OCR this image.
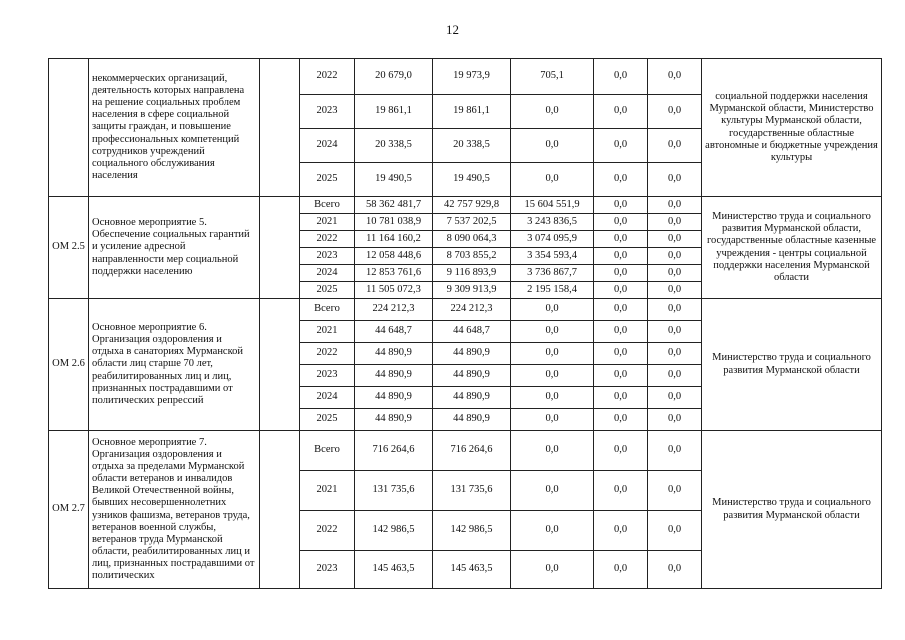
12

	некоммерческих организаций, деятельность которых направлена на решение социальных проблем населения в сфере социальной защиты граждан, и повышение профессиональных компетенций сотрудников учреждений социального обслуживания населения		2022	20 679,0	19 973,9	705,1	0,0	0,0	социальной поддержки населения Мурманской области, Министерство культуры Мурманской области, государственные областные автономные и бюджетные учреждения культуры

			2023	19 861,1	19 861,1	0,0	0,0	0,0	
			2024	20 338,5	20 338,5	0,0	0,0	0,0	
			2025	19 490,5	19 490,5	0,0	0,0	0,0	
ОМ 2.5	Основное мероприятие 5. Обеспечение социальных гарантий и усиление адресной направленности мер социальной поддержки населению		Всего	58 362 481,7	42 757 929,8	15 604 551,9	0,0	0,0	Министерство труда и социального развития Мурманской области, государственные областные казенные учреждения - центры социальной поддержки населения Мурманской области

			2021	10 781 038,9	7 537 202,5	3 243 836,5	0,0	0,0	
			2022	11 164 160,2	8 090 064,3	3 074 095,9	0,0	0,0	
			2023	12 058 448,6	8 703 855,2	3 354 593,4	0,0	0,0	
			2024	12 853 761,6	9 116 893,9	3 736 867,7	0,0	0,0	
			2025	11 505 072,3	9 309 913,9	2 195 158,4	0,0	0,0	
ОМ 2.6	Основное мероприятие 6. Организация оздоровления и отдыха в санаториях Мурманской области лиц старше 70 лет, реабилитированных лиц и лиц, признанных пострадавшими от политических репрессий		Всего	224 212,3	224 212,3	0,0	0,0	0,0	Министерство труда и социального развития Мурманской области

			2021	44 648,7	44 648,7	0,0	0,0	0,0	
			2022	44 890,9	44 890,9	0,0	0,0	0,0	
			2023	44 890,9	44 890,9	0,0	0,0	0,0	
			2024	44 890,9	44 890,9	0,0	0,0	0,0	
			2025	44 890,9	44 890,9	0,0	0,0	0,0	
ОМ 2.7	Основное мероприятие 7. Организация оздоровления и отдыха за пределами Мурманской области ветеранов и инвалидов Великой Отечественной войны, бывших несовершеннолетних узников фашизма, ветеранов труда, ветеранов военной службы, ветеранов труда Мурманской области, реабилитированных лиц и лиц, признанных пострадавшими от политических		Всего	716 264,6	716 264,6	0,0	0,0	0,0	Министерство труда и социального развития Мурманской области

			2021	131 735,6	131 735,6	0,0	0,0	0,0	
			2022	142 986,5	142 986,5	0,0	0,0	0,0	
			2023	145 463,5	145 463,5	0,0	0,0	0,0	
